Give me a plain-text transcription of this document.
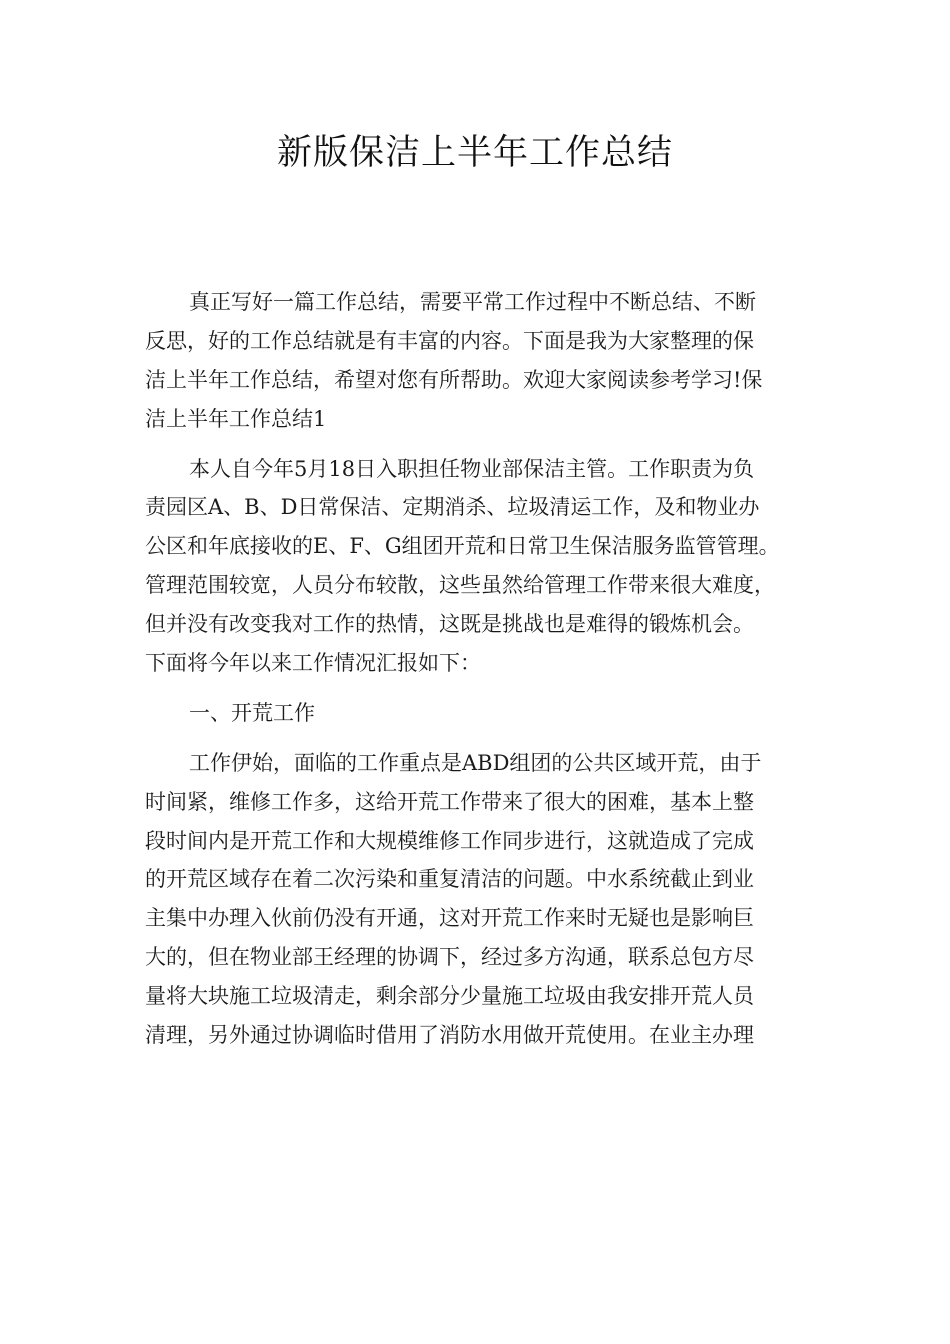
新版保洁上半年工作总结
真正写好一篇工作总结，需要平常工作过程中不断总结、不断
反思，好的工作总结就是有丰富的内容。下面是我为大家整理的保
洁上半年工作总结，希望对您有所帮助。欢迎大家阅读参考学习!保
洁上半年工作总结1
本人自今年5月18日入职担任物业部保洁主管。工作职责为负
责园区A、B、D日常保洁、定期消杀、垃圾清运工作，及和物业办
公区和年底接收的E、F、G组团开荒和日常卫生保洁服务监管管理。
管理范围较宽，人员分布较散，这些虽然给管理工作带来很大难度，
但并没有改变我对工作的热情，这既是挑战也是难得的锻炼机会。
下面将今年以来工作情况汇报如下：
一、开荒工作
工作伊始，面临的工作重点是ABD组团的公共区域开荒，由于
时间紧，维修工作多，这给开荒工作带来了很大的困难，基本上整
段时间内是开荒工作和大规模维修工作同步进行，这就造成了完成
的开荒区域存在着二次污染和重复清洁的问题。中水系统截止到业
主集中办理入伙前仍没有开通，这对开荒工作来时无疑也是影响巨
大的，但在物业部王经理的协调下，经过多方沟通，联系总包方尽
量将大块施工垃圾清走，剩余部分少量施工垃圾由我安排开荒人员
清理，另外通过协调临时借用了消防水用做开荒使用。在业主办理
